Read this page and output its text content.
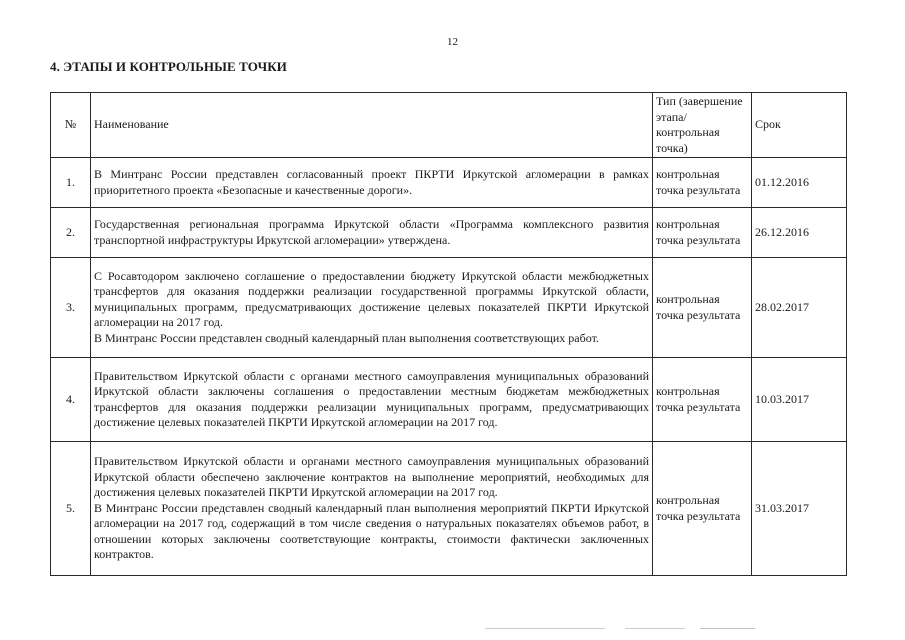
12
4. ЭТАПЫ И КОНТРОЛЬНЫЕ ТОЧКИ
№	Наименование	Тип (завершение этапа/контрольная точка)	Срок
1.	В Минтранс России представлен согласованный проект ПКРТИ Иркутской агломерации в рамках приоритетного проекта «Безопасные и качественные дороги».	контрольная точка результата	01.12.2016
2.	Государственная региональная программа Иркутской области «Программа комплексного развития транспортной инфраструктуры Иркутской агломерации» утверждена.	контрольная точка результата	26.12.2016
3.	С Росавтодором заключено соглашение о предоставлении бюджету Иркутской области межбюджетных трансфертов для оказания поддержки реализации государственной программы Иркутской области, муниципальных программ, предусматривающих достижение целевых показателей ПКРТИ Иркутской агломерации на 2017 год.
В Минтранс России представлен сводный календарный план выполнения соответствующих работ.	контрольная точка результата	28.02.2017
4.	Правительством Иркутской области с органами местного самоуправления муниципальных образований Иркутской области заключены соглашения о предоставлении местным бюджетам межбюджетных трансфертов для оказания поддержки реализации муниципальных программ, предусматривающих достижение целевых показателей ПКРТИ Иркутской агломерации на 2017 год.	контрольная точка результата	10.03.2017
5.	Правительством Иркутской области и органами местного самоуправления муниципальных образований Иркутской области обеспечено заключение контрактов на выполнение мероприятий, необходимых для достижения целевых показателей ПКРТИ Иркутской агломерации на 2017 год.
В Минтранс России представлен сводный календарный план выполнения мероприятий ПКРТИ Иркутской агломерации на 2017 год, содержащий в том числе сведения о натуральных показателях объемов работ, в отношении которых заключены соответствующие контракты, стоимости фактически заключенных контрактов.	контрольная точка результата	31.03.2017
